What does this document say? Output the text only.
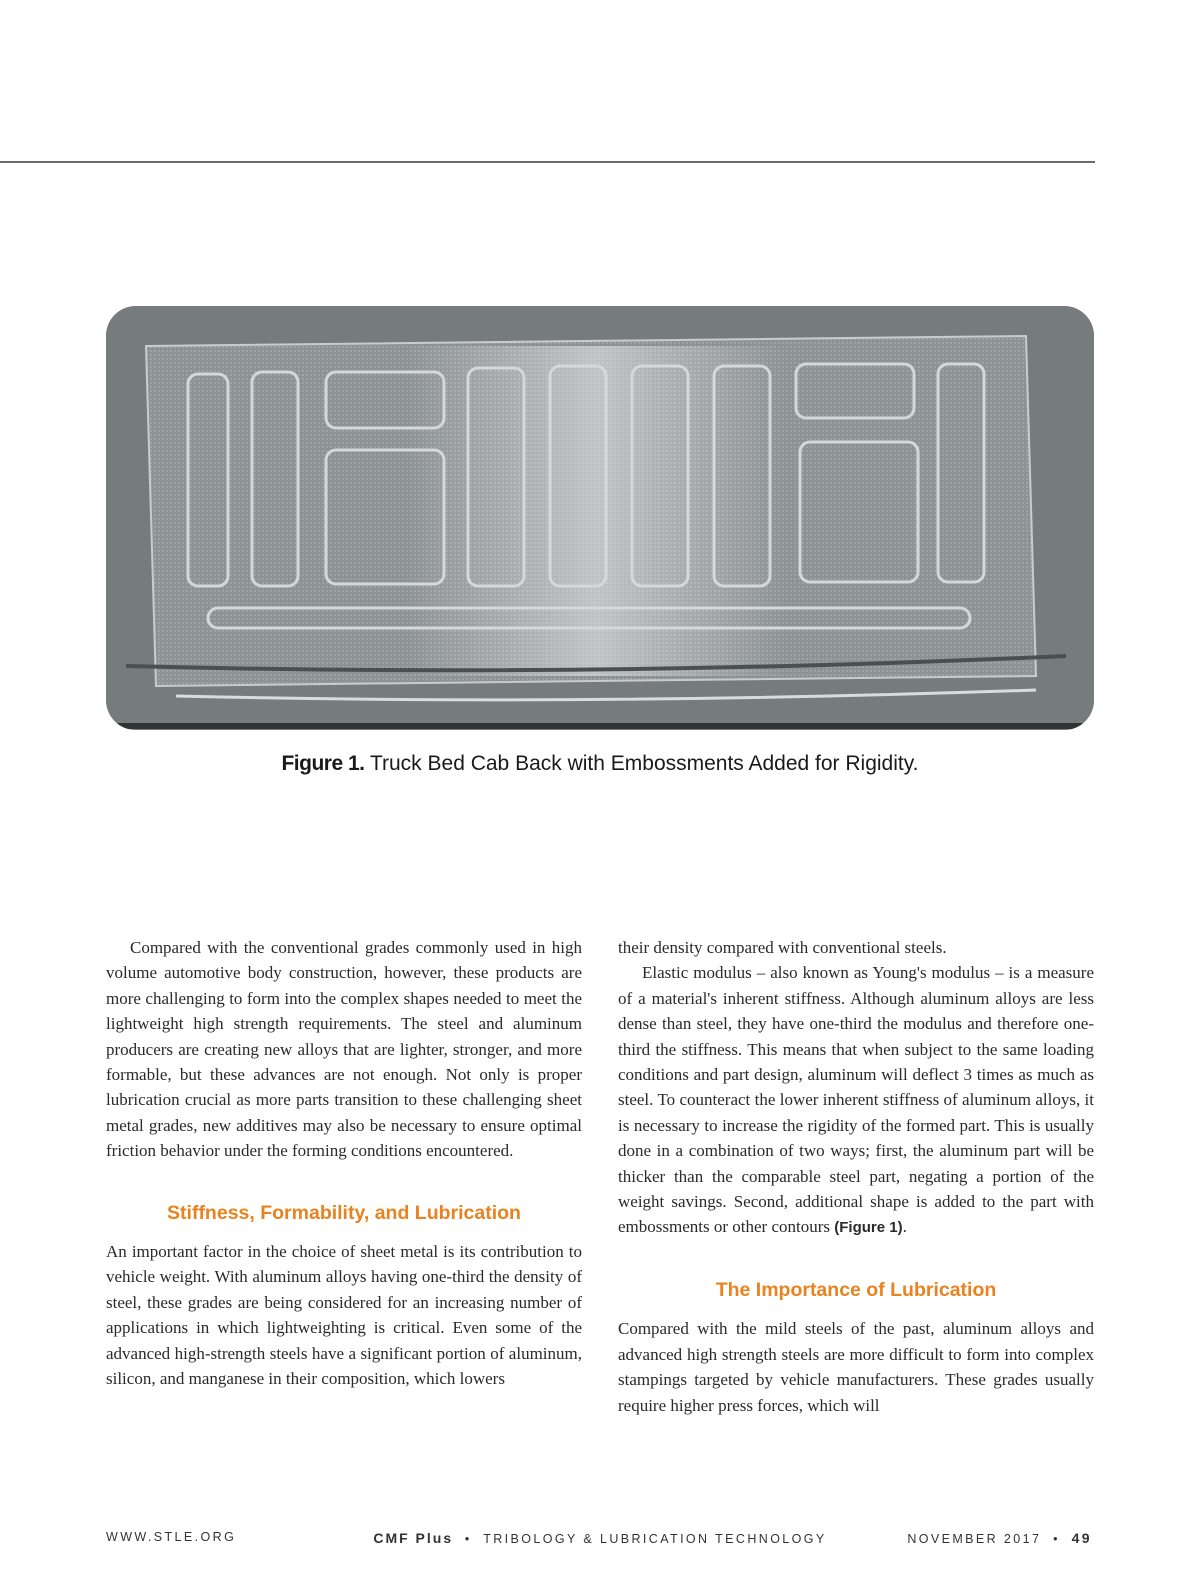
Figure 1. Truck Bed Cab Back with Embossments Added for Rigidity.

Compared with the conventional grades commonly used in high volume automotive body construction, however, these products are more challenging to form into the complex shapes needed to meet the lightweight high strength requirements. The steel and aluminum producers are creating new alloys that are lighter, stronger, and more formable, but these advances are not enough. Not only is proper lubrication crucial as more parts transition to these challenging sheet metal grades, new additives may also be necessary to ensure optimal friction behavior under the forming conditions encountered.

Stiffness, Formability, and Lubrication

An important factor in the choice of sheet metal is its contribution to vehicle weight. With aluminum alloys having one-third the density of steel, these grades are being considered for an increasing number of applications in which lightweighting is critical. Even some of the advanced high-strength steels have a significant portion of aluminum, silicon, and manganese in their composition, which lowers

their density compared with conventional steels.

Elastic modulus – also known as Young's modulus – is a measure of a material's inherent stiffness. Although aluminum alloys are less dense than steel, they have one-third the modulus and therefore one-third the stiffness. This means that when subject to the same loading conditions and part design, aluminum will deflect 3 times as much as steel. To counteract the lower inherent stiffness of aluminum alloys, it is necessary to increase the rigidity of the formed part. This is usually done in a combination of two ways; first, the aluminum part will be thicker than the comparable steel part, negating a portion of the weight savings. Second, additional shape is added to the part with embossments or other contours (Figure 1).

The Importance of Lubrication

Compared with the mild steels of the past, aluminum alloys and advanced high strength steels are more difficult to form into complex stampings targeted by vehicle manufacturers. These grades usually require higher press forces, which will

WWW.STLE.ORG	CMF Plus • TRIBOLOGY & LUBRICATION TECHNOLOGY	NOVEMBER 2017 • 49
